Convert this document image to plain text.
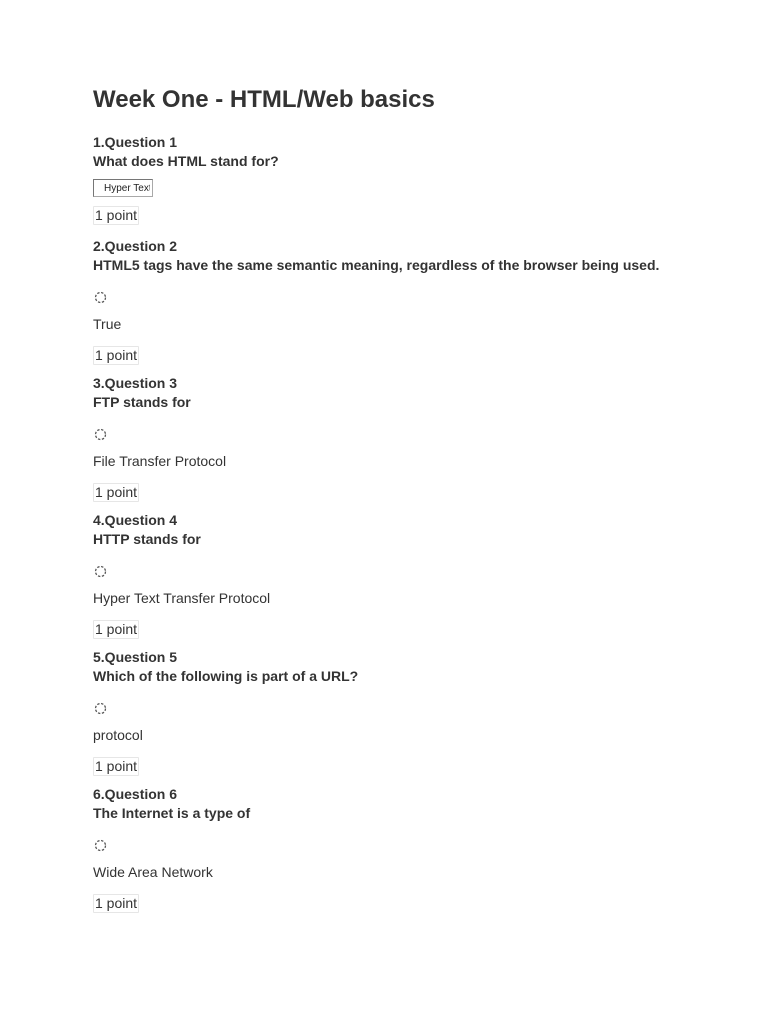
Week One - HTML/Web basics
1.Question 1
What does HTML stand for?
Hyper Text Markup Language
1 point
2.Question 2
HTML5 tags have the same semantic meaning, regardless of the browser being used.
True
1 point
3.Question 3
FTP stands for
File Transfer Protocol
1 point
4.Question 4
HTTP stands for
Hyper Text Transfer Protocol
1 point
5.Question 5
Which of the following is part of a URL?
protocol
1 point
6.Question 6
The Internet is a type of
Wide Area Network
1 point
